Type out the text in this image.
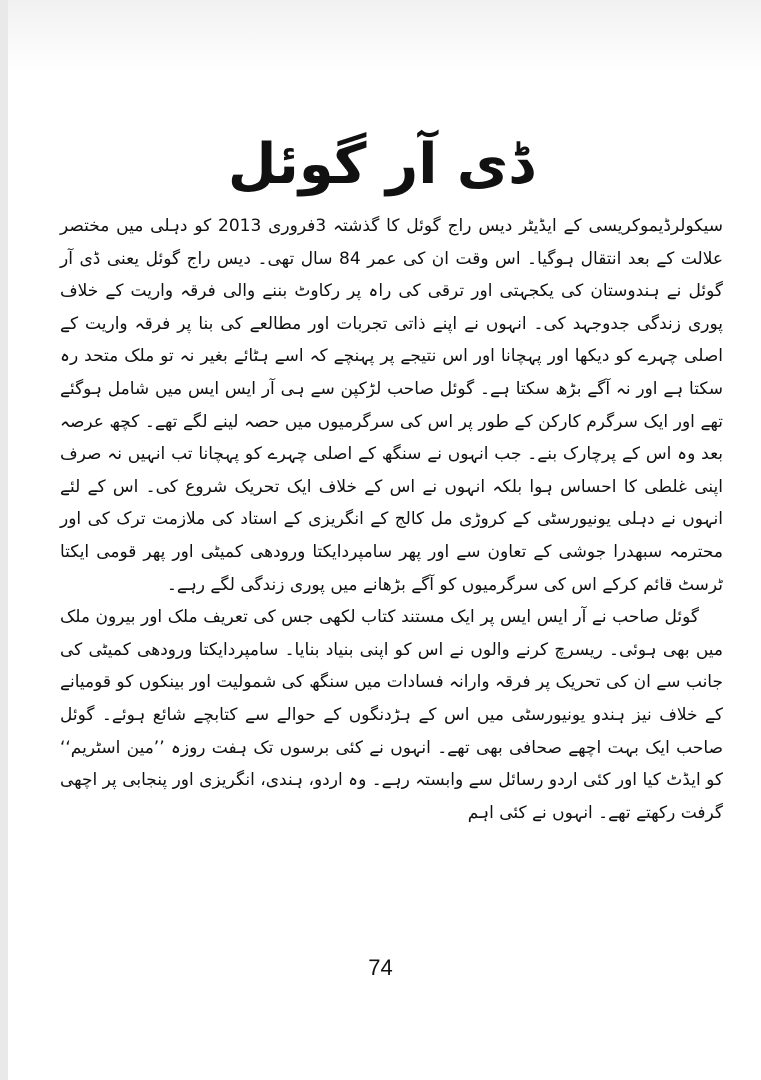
ڈی آر گوئل

سیکولرڈیموکریسی کے ایڈیٹر دیس راج گوئل کا گذشتہ 3فروری 2013 کو دہلی میں مختصر علالت کے بعد انتقال ہوگیا۔ اس وقت ان کی عمر 84 سال تھی۔ دیس راج گوئل یعنی ڈی آر گوئل نے ہندوستان کی یکجہتی اور ترقی کی راہ پر رکاوٹ بننے والی فرقہ واریت کے خلاف پوری زندگی جدوجہد کی۔ انہوں نے اپنے ذاتی تجربات اور مطالعے کی بنا پر فرقہ واریت کے اصلی چہرے کو دیکھا اور پہچانا اور اس نتیجے پر پہنچے کہ اسے ہٹائے بغیر نہ تو ملک متحد رہ سکتا ہے اور نہ آگے بڑھ سکتا ہے۔ گوئل صاحب لڑکپن سے ہی آر ایس ایس میں شامل ہوگئے تھے اور ایک سرگرم کارکن کے طور پر اس کی سرگرمیوں میں حصہ لینے لگے تھے۔ کچھ عرصہ بعد وہ اس کے پرچارک بنے۔ جب انہوں نے سنگھ کے اصلی چہرے کو پہچانا تب انہیں نہ صرف اپنی غلطی کا احساس ہوا بلکہ انہوں نے اس کے خلاف ایک تحریک شروع کی۔ اس کے لئے انہوں نے دہلی یونیورسٹی کے کروڑی مل کالج کے انگریزی کے استاد کی ملازمت ترک کی اور محترمہ سبھدرا جوشی کے تعاون سے اور پھر سامپردایکتا ورودھی کمیٹی اور پھر قومی ایکتا ٹرسٹ قائم کرکے اس کی سرگرمیوں کو آگے بڑھانے میں پوری زندگی لگے رہے۔

گوئل صاحب نے آر ایس ایس پر ایک مستند کتاب لکھی جس کی تعریف ملک اور بیرون ملک میں بھی ہوئی۔ ریسرچ کرنے والوں نے اس کو اپنی بنیاد بنایا۔ سامپردایکتا ورودھی کمیٹی کی جانب سے ان کی تحریک پر فرقہ وارانہ فسادات میں سنگھ کی شمولیت اور بینکوں کو قومیانے کے خلاف نیز ہندو یونیورسٹی میں اس کے ہڑدنگوں کے حوالے سے کتابچے شائع ہوئے۔ گوئل صاحب ایک بہت اچھے صحافی بھی تھے۔ انہوں نے کئی برسوں تک ہفت روزہ ’’مین اسٹریم‘‘ کو ایڈٹ کیا اور کئی اردو رسائل سے وابستہ رہے۔ وہ اردو، ہندی، انگریزی اور پنجابی پر اچھی گرفت رکھتے تھے۔ انہوں نے کئی اہم

74
